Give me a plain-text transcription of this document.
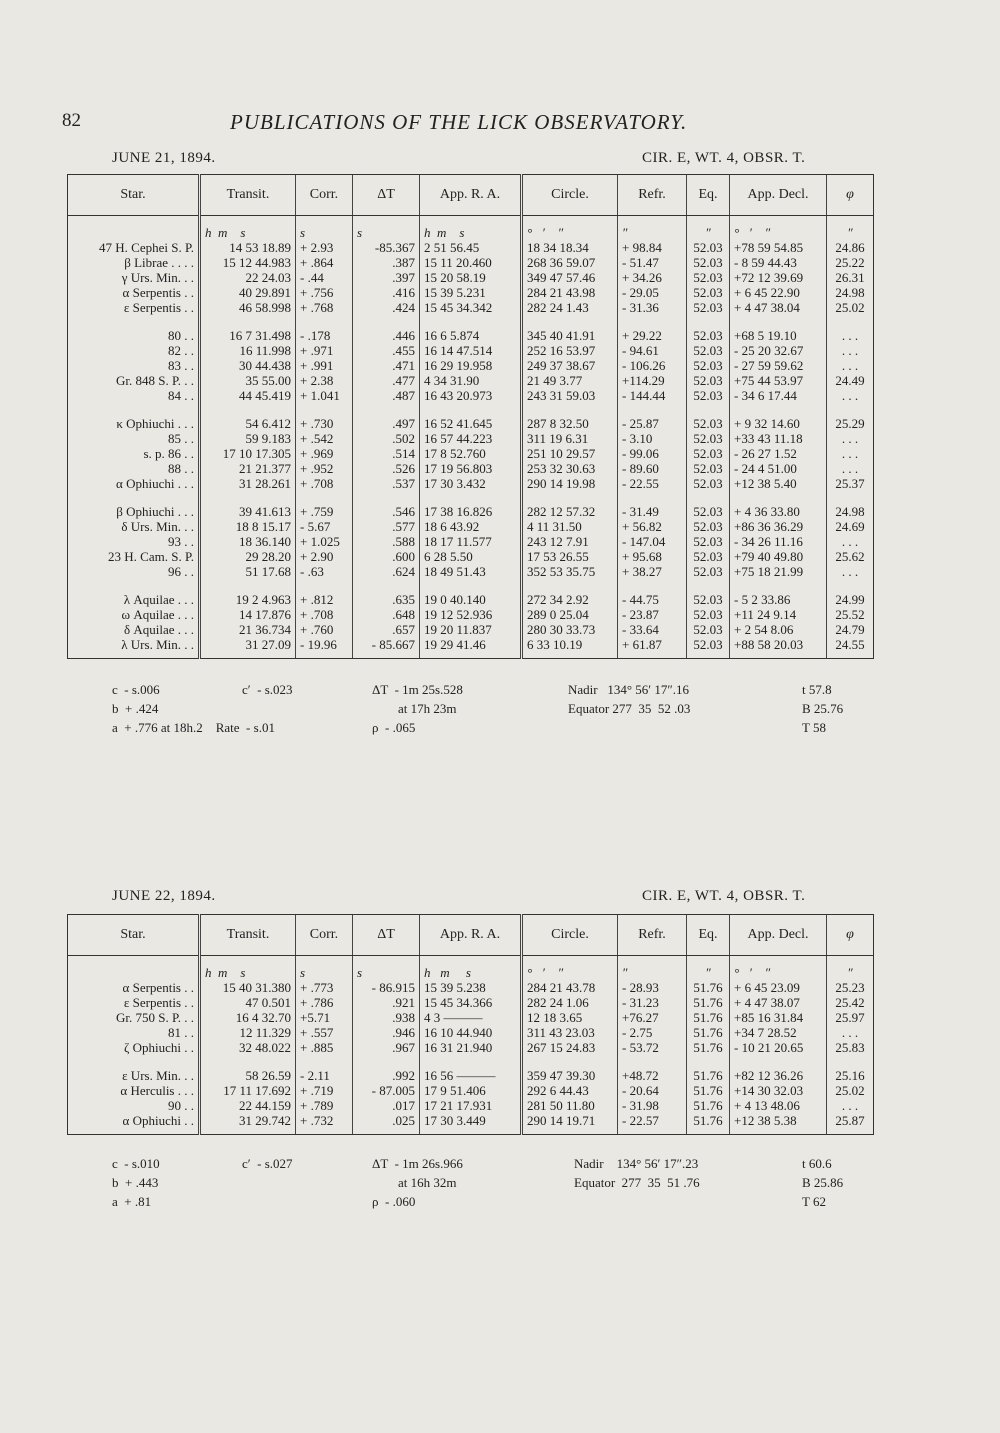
82	PUBLICATIONS OF THE LICK OBSERVATORY.
JUNE 21, 1894.	CIR. E, WT. 4, OBSR. T.
Star.	Transit.	Corr.	ΔT	App. R. A.	Circle.	Refr.	Eq.	App. Decl.	φ
	h  m    s	s	s	h  m    s	°   ′    ″	″	″	°   ′    ″	″
47 H. Cephei S. P.	14 53 18.89	+ 2.93	-85.367	2 51 56.45	18 34 18.34	+ 98.84	52.03	+78 59 54.85	24.86
β Librae . . . .	15 12 44.983	+ .864	.387	15 11 20.460	268 36 59.07	- 51.47	52.03	- 8 59 44.43	25.22
γ Urs. Min. . .	22 24.03	- .44	.397	15 20 58.19	349 47 57.46	+ 34.26	52.03	+72 12 39.69	26.31
α Serpentis . .	40 29.891	+ .756	.416	15 39 5.231	284 21 43.98	- 29.05	52.03	+ 6 45 22.90	24.98
ε Serpentis . .	46 58.998	+ .768	.424	15 45 34.342	282 24 1.43	- 31.36	52.03	+ 4 47 38.04	25.02

80 . .	16 7 31.498	- .178	.446	16 6 5.874	345 40 41.91	+ 29.22	52.03	+68 5 19.10	. . .
82 . .	16 11.998	+ .971	.455	16 14 47.514	252 16 53.97	- 94.61	52.03	- 25 20 32.67	. . .
83 . .	30 44.438	+ .991	.471	16 29 19.958	249 37 38.67	- 106.26	52.03	- 27 59 59.62	. . .
Gr. 848 S. P. . .	35 55.00	+ 2.38	.477	4 34 31.90	21 49 3.77	+114.29	52.03	+75 44 53.97	24.49
84 . .	44 45.419	+ 1.041	.487	16 43 20.973	243 31 59.03	- 144.44	52.03	- 34 6 17.44	. . .

κ Ophiuchi . . .	54 6.412	+ .730	.497	16 52 41.645	287 8 32.50	- 25.87	52.03	+ 9 32 14.60	25.29
85 . .	59 9.183	+ .542	.502	16 57 44.223	311 19 6.31	- 3.10	52.03	+33 43 11.18	. . .
s. p. 86 . .	17 10 17.305	+ .969	.514	17 8 52.760	251 10 29.57	- 99.06	52.03	- 26 27 1.52	. . .
88 . .	21 21.377	+ .952	.526	17 19 56.803	253 32 30.63	- 89.60	52.03	- 24 4 51.00	. . .
α Ophiuchi . . .	31 28.261	+ .708	.537	17 30 3.432	290 14 19.98	- 22.55	52.03	+12 38 5.40	25.37

β Ophiuchi . . .	39 41.613	+ .759	.546	17 38 16.826	282 12 57.32	- 31.49	52.03	+ 4 36 33.80	24.98
δ Urs. Min. . .	18 8 15.17	- 5.67	.577	18 6 43.92	4 11 31.50	+ 56.82	52.03	+86 36 36.29	24.69
93 . .	18 36.140	+ 1.025	.588	18 17 11.577	243 12 7.91	- 147.04	52.03	- 34 26 11.16	. . .
23 H. Cam. S. P.	29 28.20	+ 2.90	.600	6 28 5.50	17 53 26.55	+ 95.68	52.03	+79 40 49.80	25.62
96 . .	51 17.68	- .63	.624	18 49 51.43	352 53 35.75	+ 38.27	52.03	+75 18 21.99	. . .

λ Aquilae . . .	19 2 4.963	+ .812	.635	19 0 40.140	272 34 2.92	- 44.75	52.03	- 5 2 33.86	24.99
ω Aquilae . . .	14 17.876	+ .708	.648	19 12 52.936	289 0 25.04	- 23.87	52.03	+11 24 9.14	25.52
δ Aquilae . . .	21 36.734	+ .760	.657	19 20 11.837	280 30 33.73	- 33.64	52.03	+ 2 54 8.06	24.79
λ Urs. Min. . .	31 27.09	- 19.96	- 85.667	19 29 41.46	6 33 10.19	+ 61.87	52.03	+88 58 20.03	24.55
c  - s.006	c′  - s.023
b  + .424
a  + .776 at 18h.2    Rate  - s.01
ΔT  - 1m 25s.528
at 17h 23m
ρ  - .065
Nadir   134° 56′ 17″.16
Equator 277  35  52 .03
t 57.8
B 25.76
T 58
JUNE 22, 1894.	CIR. E, WT. 4, OBSR. T.
Star.	Transit.	Corr.	ΔT	App. R. A.	Circle.	Refr.	Eq.	App. Decl.	φ
	h  m    s	s	s	h   m     s	°   ′    ″	″	″	°   ′    ″	″
α Serpentis . .	15 40 31.380	+ .773	- 86.915	15 39 5.238	284 21 43.78	- 28.93	51.76	+ 6 45 23.09	25.23
ε Serpentis . .	47 0.501	+ .786	.921	15 45 34.366	282 24 1.06	- 31.23	51.76	+ 4 47 38.07	25.42
Gr. 750 S. P. . .	16 4 32.70	+5.71	.938	4 3 ———	12 18 3.65	+76.27	51.76	+85 16 31.84	25.97
81 . .	12 11.329	+ .557	.946	16 10 44.940	311 43 23.03	- 2.75	51.76	+34 7 28.52	. . .
ζ Ophiuchi . .	32 48.022	+ .885	.967	16 31 21.940	267 15 24.83	- 53.72	51.76	- 10 21 20.65	25.83

ε Urs. Min. . .	58 26.59	- 2.11	.992	16 56 ———	359 47 39.30	+48.72	51.76	+82 12 36.26	25.16
α Herculis . . .	17 11 17.692	+ .719	- 87.005	17 9 51.406	292 6 44.43	- 20.64	51.76	+14 30 32.03	25.02
90 . .	22 44.159	+ .789	.017	17 21 17.931	281 50 11.80	- 31.98	51.76	+ 4 13 48.06	. . .
α Ophiuchi . .	31 29.742	+ .732	.025	17 30 3.449	290 14 19.71	- 22.57	51.76	+12 38 5.38	25.87
c  - s.010	c′  - s.027
b  + .443
a  + .81
ΔT  - 1m 26s.966
at 16h 32m
ρ  - .060
Nadir    134° 56′ 17″.23
Equator  277  35  51 .76
t 60.6
B 25.86
T 62
